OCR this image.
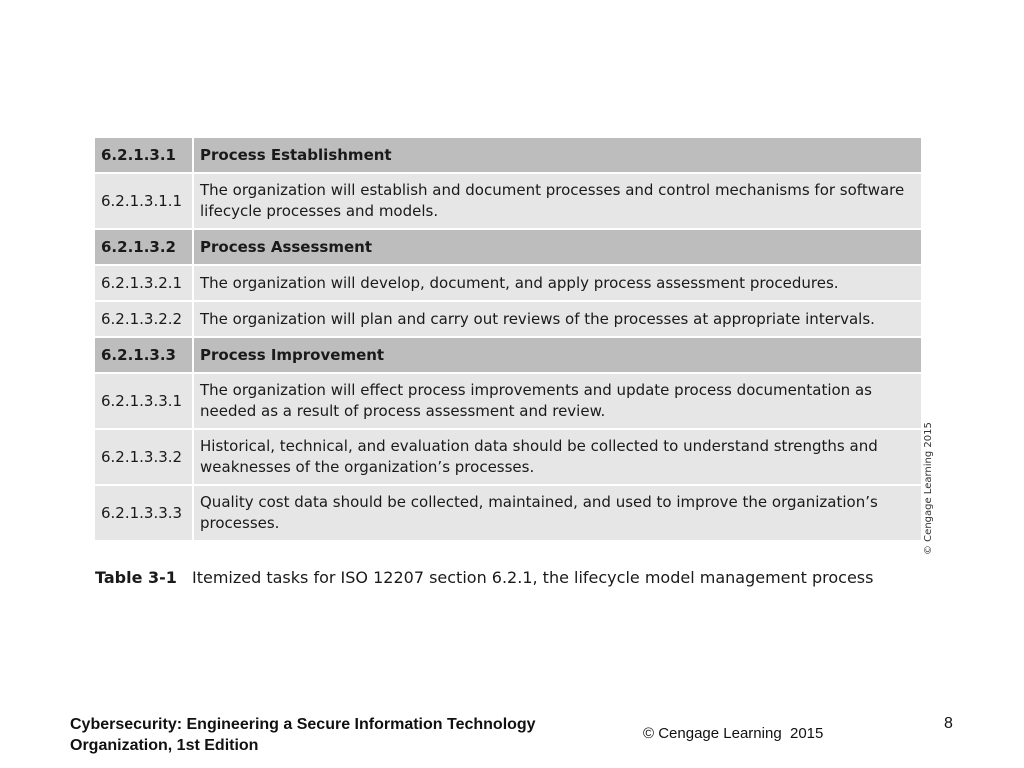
6.2.1.3.1	Process Establishment
6.2.1.3.1.1	The organization will establish and document processes and control mechanisms for software lifecycle processes and models.
6.2.1.3.2	Process Assessment
6.2.1.3.2.1	The organization will develop, document, and apply process assessment procedures.
6.2.1.3.2.2	The organization will plan and carry out reviews of the processes at appropriate intervals.
6.2.1.3.3	Process Improvement
6.2.1.3.3.1	The organization will effect process improvements and update process documentation as needed as a result of process assessment and review.
6.2.1.3.3.2	Historical, technical, and evaluation data should be collected to understand strengths and weaknesses of the organization’s processes.
6.2.1.3.3.3	Quality cost data should be collected, maintained, and used to improve the organization’s processes.	© Cengage Learning 2015
Table 3-1 Itemized tasks for ISO 12207 section 6.2.1, the lifecycle model management process
Cybersecurity: Engineering a Secure Information Technology Organization, 1st Edition
© Cengage Learning  2015
8
